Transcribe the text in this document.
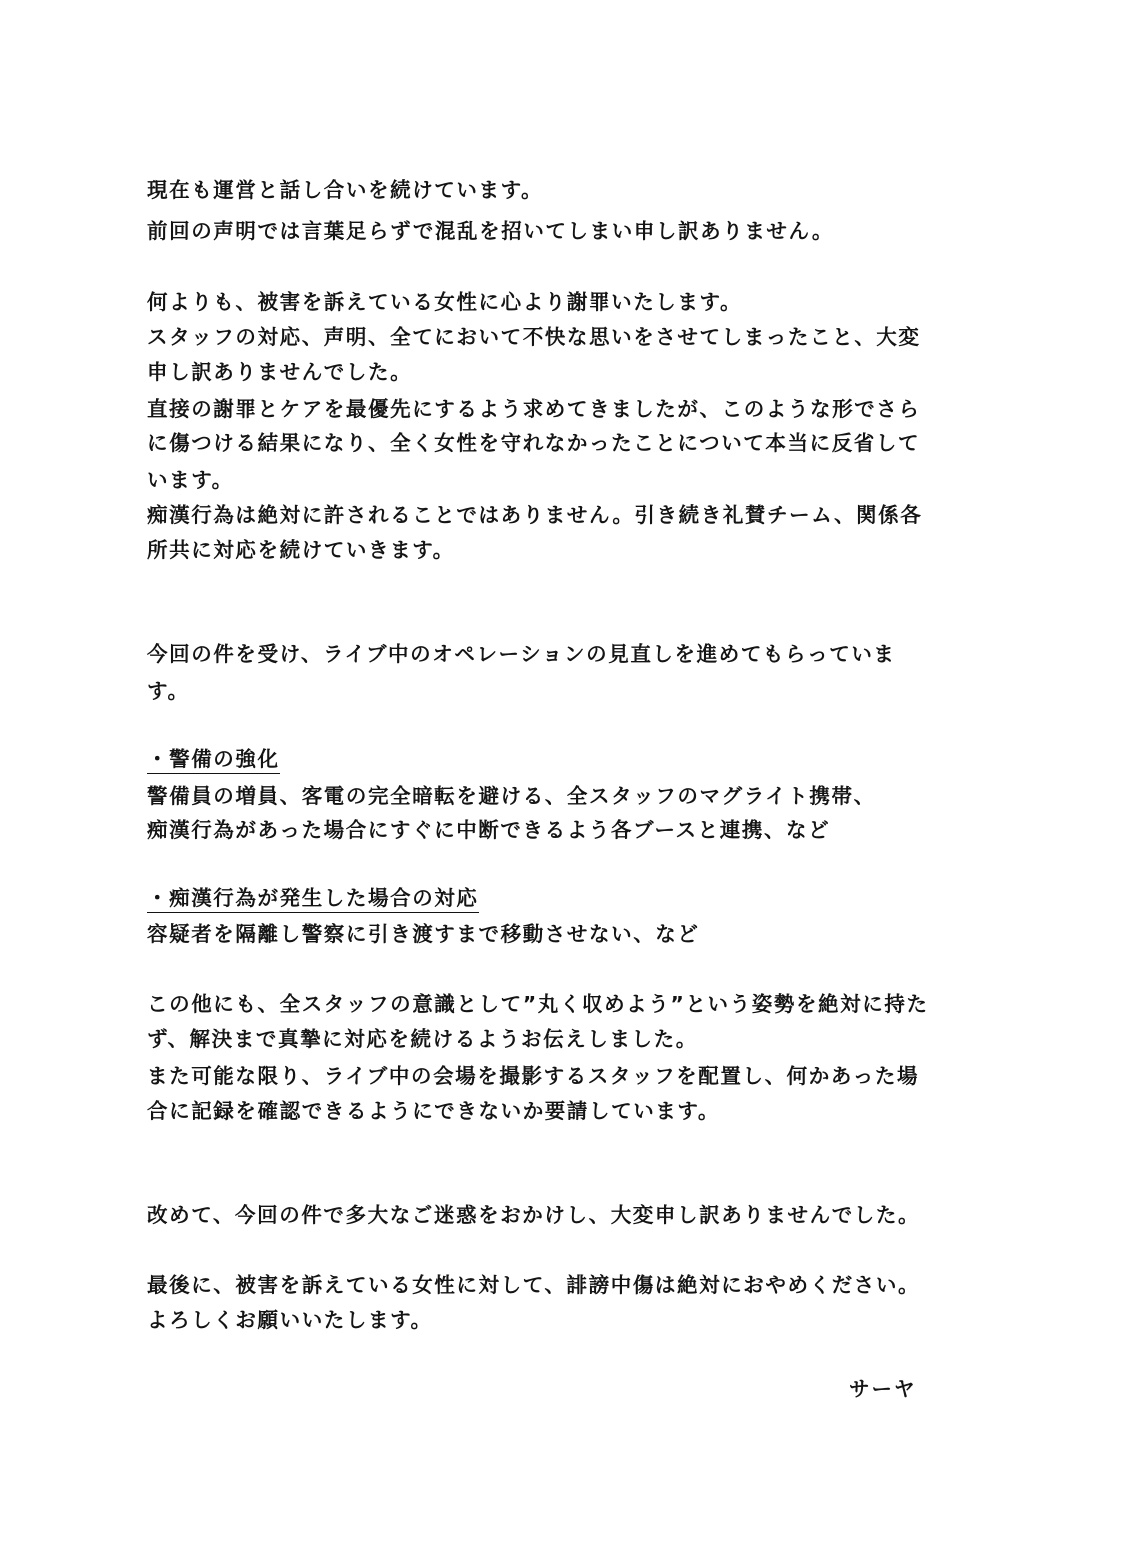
現在も運営と話し合いを続けています。
前回の声明では言葉足らずで混乱を招いてしまい申し訳ありません。
何よりも、被害を訴えている女性に心より謝罪いたします。
スタッフの対応、声明、全てにおいて不快な思いをさせてしまったこと、大変
申し訳ありませんでした。
直接の謝罪とケアを最優先にするよう求めてきましたが、このような形でさら
に傷つける結果になり、全く女性を守れなかったことについて本当に反省して
います。
痴漢行為は絶対に許されることではありません。引き続き礼賛チーム、関係各
所共に対応を続けていきます。
今回の件を受け、ライブ中のオペレーションの見直しを進めてもらっていま
す。
・警備の強化
警備員の増員、客電の完全暗転を避ける、全スタッフのマグライト携帯、
痴漢行為があった場合にすぐに中断できるよう各ブースと連携、など
・痴漢行為が発生した場合の対応
容疑者を隔離し警察に引き渡すまで移動させない、など
この他にも、全スタッフの意識として”丸く収めよう”という姿勢を絶対に持た
ず、解決まで真摯に対応を続けるようお伝えしました。
また可能な限り、ライブ中の会場を撮影するスタッフを配置し、何かあった場
合に記録を確認できるようにできないか要請しています。
改めて、今回の件で多大なご迷惑をおかけし、大変申し訳ありませんでした。
最後に、被害を訴えている女性に対して、誹謗中傷は絶対におやめください。
よろしくお願いいたします。
サーヤ
